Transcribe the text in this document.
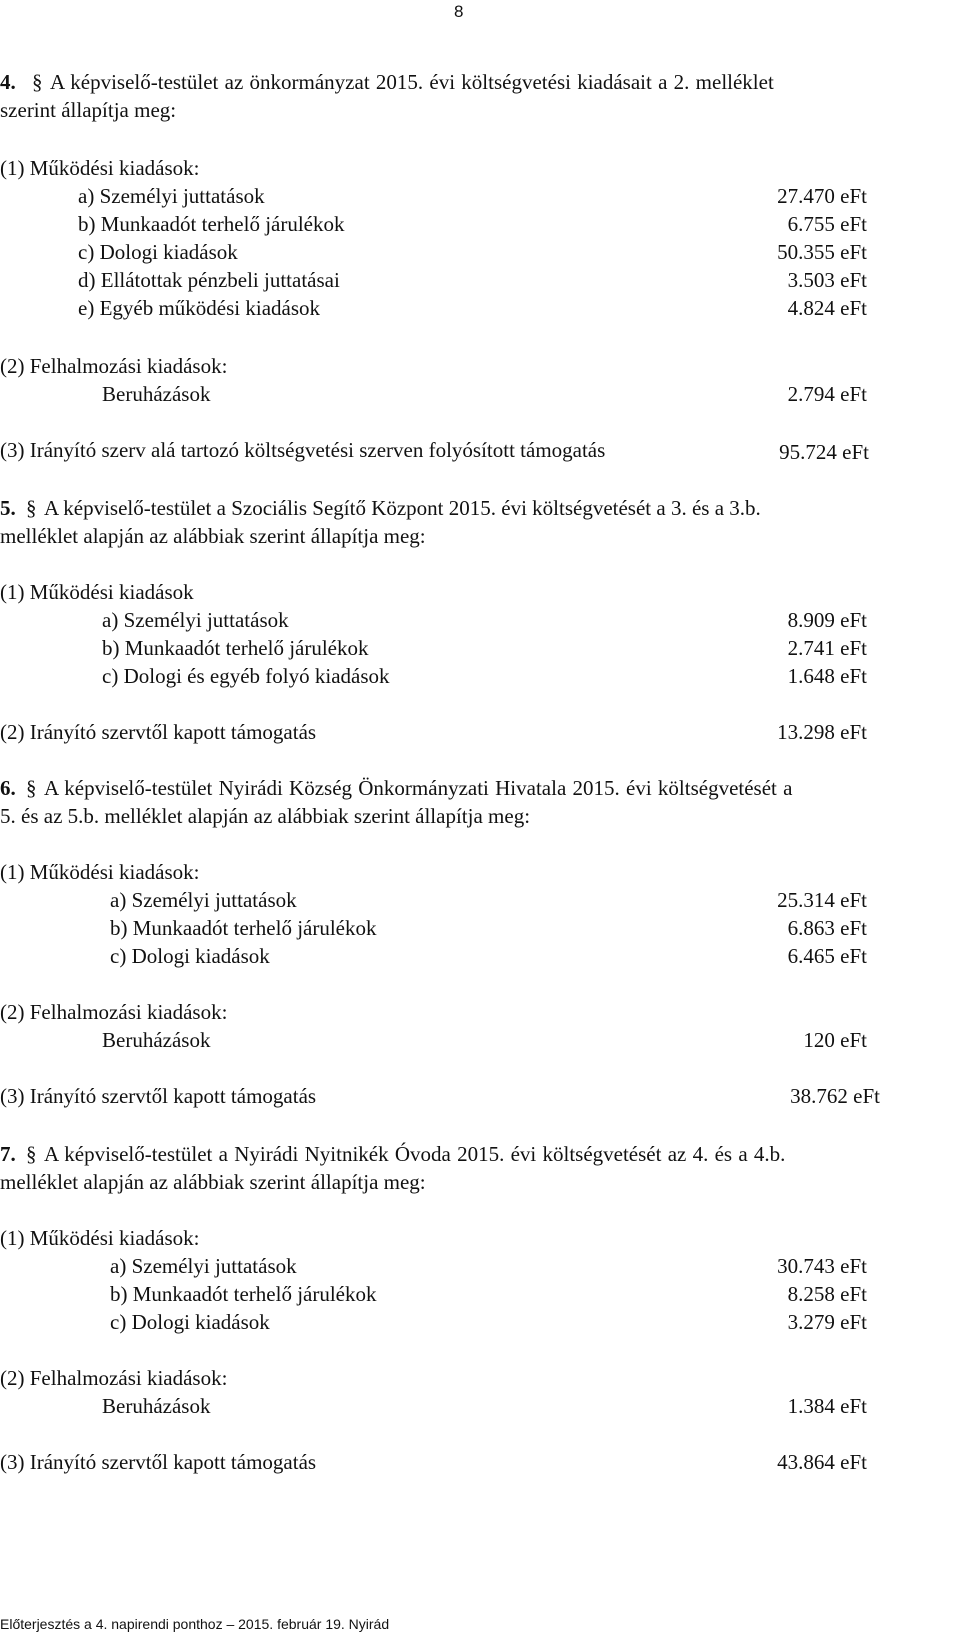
8
4. § A képviselő-testület az önkormányzat 2015. évi költségvetési kiadásait a 2. melléklet
szerint állapítja meg:
(1) Működési kiadások:
a) Személyi juttatások	27.470 eFt
b) Munkaadót terhelő járulékok	6.755 eFt
c) Dologi kiadások	50.355 eFt
d) Ellátottak pénzbeli juttatásai	3.503 eFt
e) Egyéb működési kiadások	4.824 eFt
(2) Felhalmozási kiadások:
Beruházások	2.794 eFt
(3) Irányító szerv alá tartozó költségvetési szerven folyósított támogatás	95.724 eFt
5. § A képviselő-testület a Szociális Segítő Központ 2015. évi költségvetését a 3. és a 3.b.
melléklet alapján az alábbiak szerint állapítja meg:
(1) Működési kiadások
a) Személyi juttatások	8.909 eFt
b) Munkaadót terhelő járulékok	2.741 eFt
c) Dologi és egyéb folyó kiadások	1.648 eFt
(2) Irányító szervtől kapott támogatás	13.298 eFt
6. § A képviselő-testület Nyirádi Község Önkormányzati Hivatala 2015. évi költségvetését a
5. és az 5.b. melléklet alapján az alábbiak szerint állapítja meg:
(1) Működési kiadások:
a) Személyi juttatások	25.314 eFt
b) Munkaadót terhelő járulékok	6.863 eFt
c) Dologi kiadások	6.465 eFt
(2) Felhalmozási kiadások:
Beruházások	120 eFt
(3) Irányító szervtől kapott támogatás	38.762 eFt
7. § A képviselő-testület a Nyirádi Nyitnikék Óvoda 2015. évi költségvetését az 4. és a 4.b.
melléklet alapján az alábbiak szerint állapítja meg:
(1) Működési kiadások:
a) Személyi juttatások	30.743 eFt
b) Munkaadót terhelő járulékok	8.258 eFt
c) Dologi kiadások	3.279 eFt
(2) Felhalmozási kiadások:
Beruházások	1.384 eFt
(3) Irányító szervtől kapott támogatás	43.864 eFt
Előterjesztés a 4. napirendi ponthoz – 2015. február 19. Nyirád
